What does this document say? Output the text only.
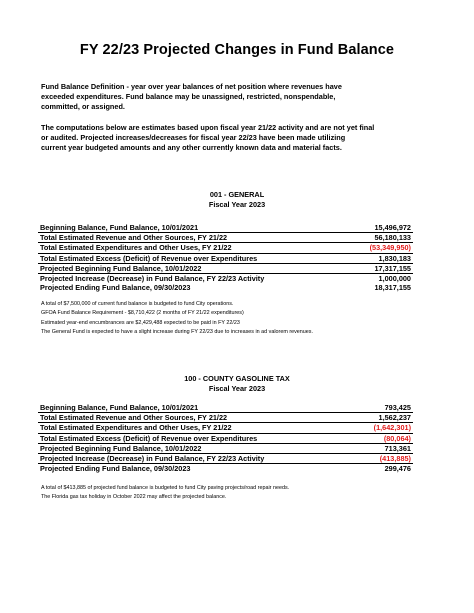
FY 22/23 Projected Changes in Fund Balance

Fund Balance Definition - year over year balances of net position where revenues have

exceeded expenditures. Fund balance may be unassigned, restricted, nonspendable,

committed, or assigned.

The computations below are estimates based upon fiscal year 21/22 activity and are not yet final

or audited. Projected increases/decreases for fiscal year 22/23 have been made utilizing

current year budgeted amounts and any other currently known data and material facts.

001 - GENERAL
Fiscal Year 2023
Beginning Balance, Fund Balance, 10/01/2021	15,496,972
Total Estimated Revenue and Other Sources, FY 21/22	56,180,133
Total Estimated Expenditures and Other Uses, FY 21/22	(53,349,950)
Total Estimated Excess (Deficit) of Revenue over Expenditures	1,830,183
Projected Beginning Fund Balance, 10/01/2022	17,317,155
Projected Increase (Decrease) in Fund Balance, FY 22/23 Activity	1,000,000
Projected Ending Fund Balance, 09/30/2023	18,317,155

A total of $7,500,000 of current fund balance is budgeted to fund City operations.

GFOA Fund Balance Requirement - $8,710,422 (2 months of FY 21/22 expenditures)

Estimated year-end encumbrances are $2,429,488 expected to be paid in FY 22/23

The General Fund is expected to have a slight increase during FY 22/23 due to increases in ad valorem revenues.

100 - COUNTY GASOLINE TAX
Fiscal Year 2023
Beginning Balance, Fund Balance, 10/01/2021	793,425
Total Estimated Revenue and Other Sources, FY 21/22	1,562,237
Total Estimated Expenditures and Other Uses, FY 21/22	(1,642,301)
Total Estimated Excess (Deficit) of Revenue over Expenditures	(80,064)
Projected Beginning Fund Balance, 10/01/2022	713,361
Projected Increase (Decrease) in Fund Balance, FY 22/23 Activity	(413,885)
Projected Ending Fund Balance, 09/30/2023	299,476

A total of $413,885 of projected fund balance is budgeted to fund City paving projects/road repair needs.

The Florida gas tax holiday in October 2022 may affect the projected balance.
